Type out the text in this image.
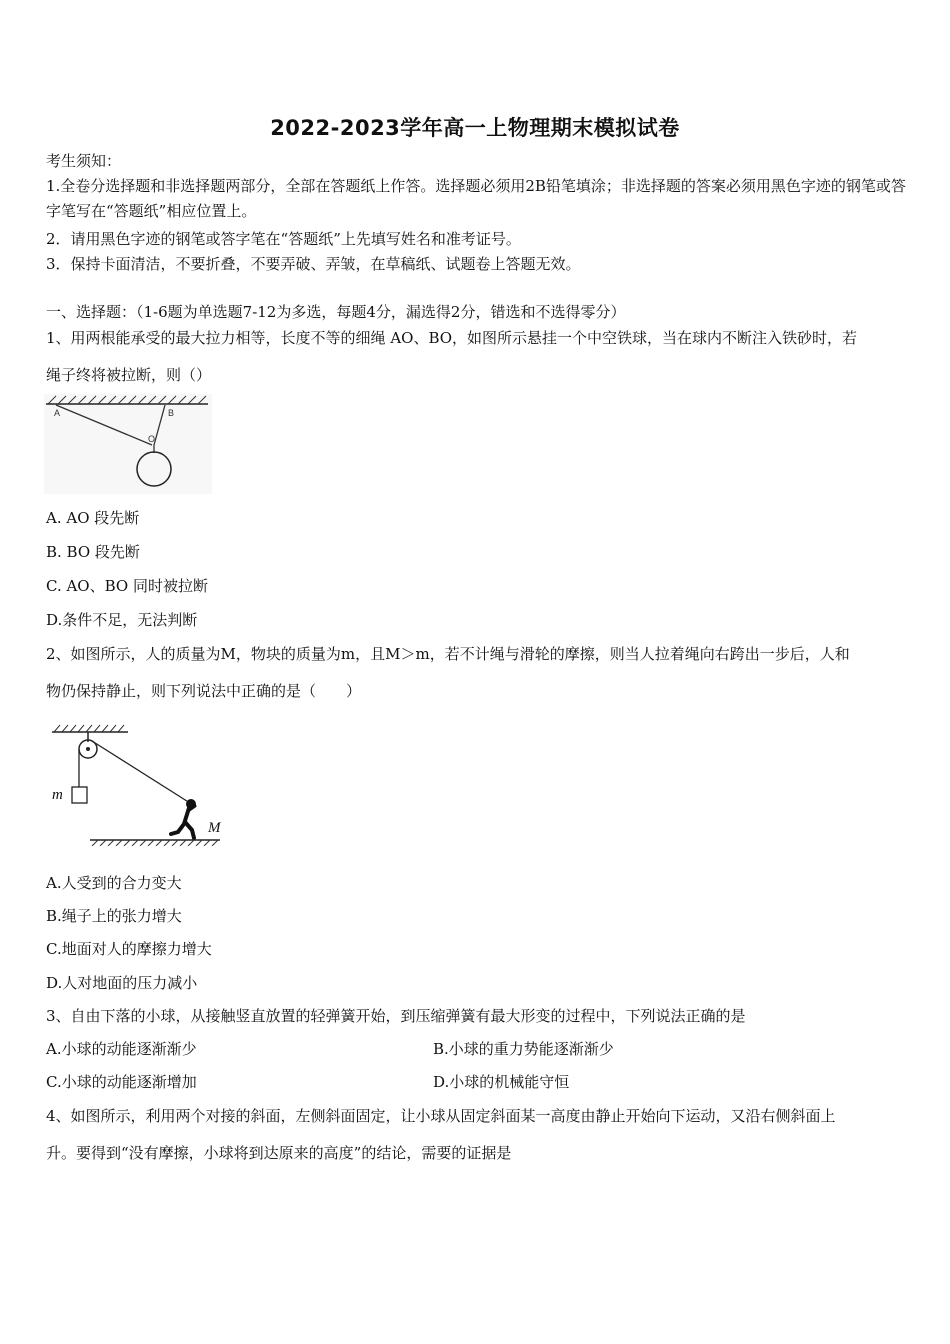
2022-2023学年高一上物理期末模拟试卷
考生须知：
1.全卷分选择题和非选择题两部分，全部在答题纸上作答。选择题必须用2B铅笔填涂；非选择题的答案必须用黑色字迹的钢笔或答字笔写在“答题纸”相应位置上。
2．请用黑色字迹的钢笔或答字笔在“答题纸”上先填写姓名和准考证号。
3．保持卡面清洁，不要折叠，不要弄破、弄皱，在草稿纸、试题卷上答题无效。
一、选择题：（1-6题为单选题7-12为多选，每题4分，漏选得2分，错选和不选得零分）
1、用两根能承受的最大拉力相等，长度不等的细绳 AO、BO，如图所示悬挂一个中空铁球，当在球内不断注入铁砂时，若
绳子终将被拉断，则（）
A	B
O
A. AO 段先断
B. BO 段先断
C. AO、BO 同时被拉断
D.条件不足，无法判断
2、如图所示，人的质量为M，物块的质量为m，且M＞m，若不计绳与滑轮的摩擦，则当人拉着绳向右跨出一步后，人和
物仍保持静止，则下列说法中正确的是（　　）
m
M
A.人受到的合力变大
B.绳子上的张力增大
C.地面对人的摩擦力增大
D.人对地面的压力减小
3、自由下落的小球，从接触竖直放置的轻弹簧开始，到压缩弹簧有最大形变的过程中，下列说法正确的是
A.小球的动能逐渐渐少	B.小球的重力势能逐渐渐少
C.小球的动能逐渐增加	D.小球的机械能守恒
4、如图所示，利用两个对接的斜面，左侧斜面固定，让小球从固定斜面某一高度由静止开始向下运动，又沿右侧斜面上
升。要得到“没有摩擦，小球将到达原来的高度”的结论，需要的证据是
